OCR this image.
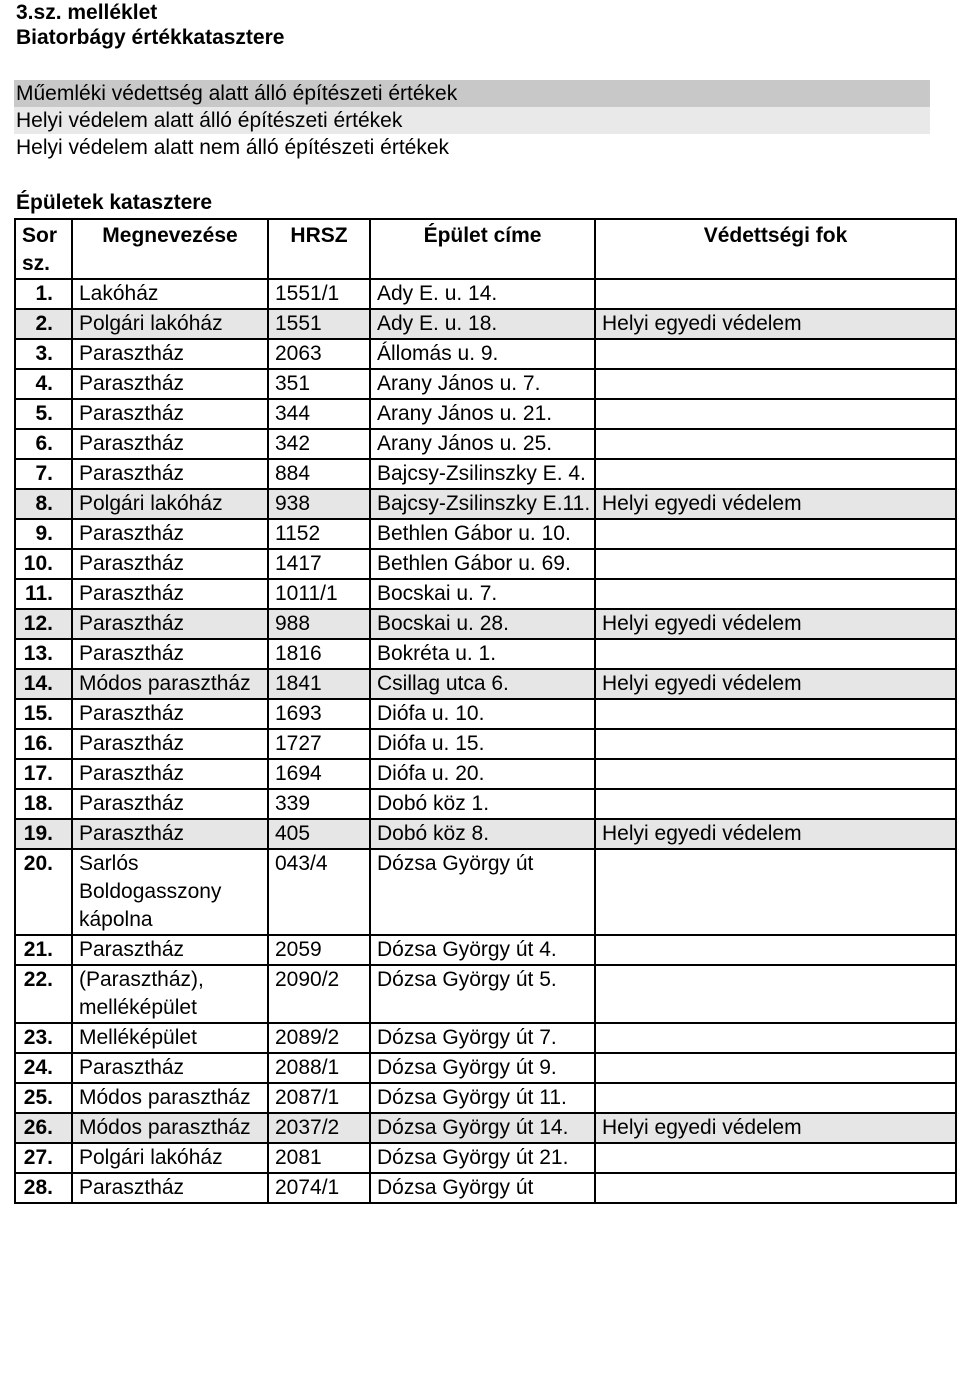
3.sz. melléklet
Biatorbágy értékkatasztere
Műemléki védettség alatt álló építészeti értékek
Helyi védelem alatt álló építészeti értékek
Helyi védelem alatt nem álló építészeti értékek
Épületek katasztere
Sor sz.	Megnevezése	HRSZ	Épület címe	Védettségi fok
1.	Lakóház	1551/1	Ady E. u. 14.	
2.	Polgári lakóház	1551	Ady E. u. 18.	Helyi egyedi védelem
3.	Parasztház	2063	Állomás u. 9.	
4.	Parasztház	351	Arany János u. 7.	
5.	Parasztház	344	Arany János u. 21.	
6.	Parasztház	342	Arany János u. 25.	
7.	Parasztház	884	Bajcsy-Zsilinszky E. 4.	
8.	Polgári lakóház	938	Bajcsy-Zsilinszky E.11.	Helyi egyedi védelem
9.	Parasztház	1152	Bethlen Gábor u. 10.	
10.	Parasztház	1417	Bethlen Gábor u. 69.	
11.	Parasztház	1011/1	Bocskai u. 7.	
12.	Parasztház	988	Bocskai u. 28.	Helyi egyedi védelem
13.	Parasztház	1816	Bokréta u. 1.	
14.	Módos parasztház	1841	Csillag utca 6.	Helyi egyedi védelem
15.	Parasztház	1693	Diófa u. 10.	
16.	Parasztház	1727	Diófa u. 15.	
17.	Parasztház	1694	Diófa u. 20.	
18.	Parasztház	339	Dobó köz 1.	
19.	Parasztház	405	Dobó köz 8.	Helyi egyedi védelem
20.	Sarlós Boldogasszony kápolna	043/4	Dózsa György út	
21.	Parasztház	2059	Dózsa György út 4.	
22.	(Parasztház), melléképület	2090/2	Dózsa György út 5.	
23.	Melléképület	2089/2	Dózsa György út 7.	
24.	Parasztház	2088/1	Dózsa György út 9.	
25.	Módos parasztház	2087/1	Dózsa György út 11.	
26.	Módos parasztház	2037/2	Dózsa György út 14.	Helyi egyedi védelem
27.	Polgári lakóház	2081	Dózsa György út 21.	
28.	Parasztház	2074/1	Dózsa György út	
